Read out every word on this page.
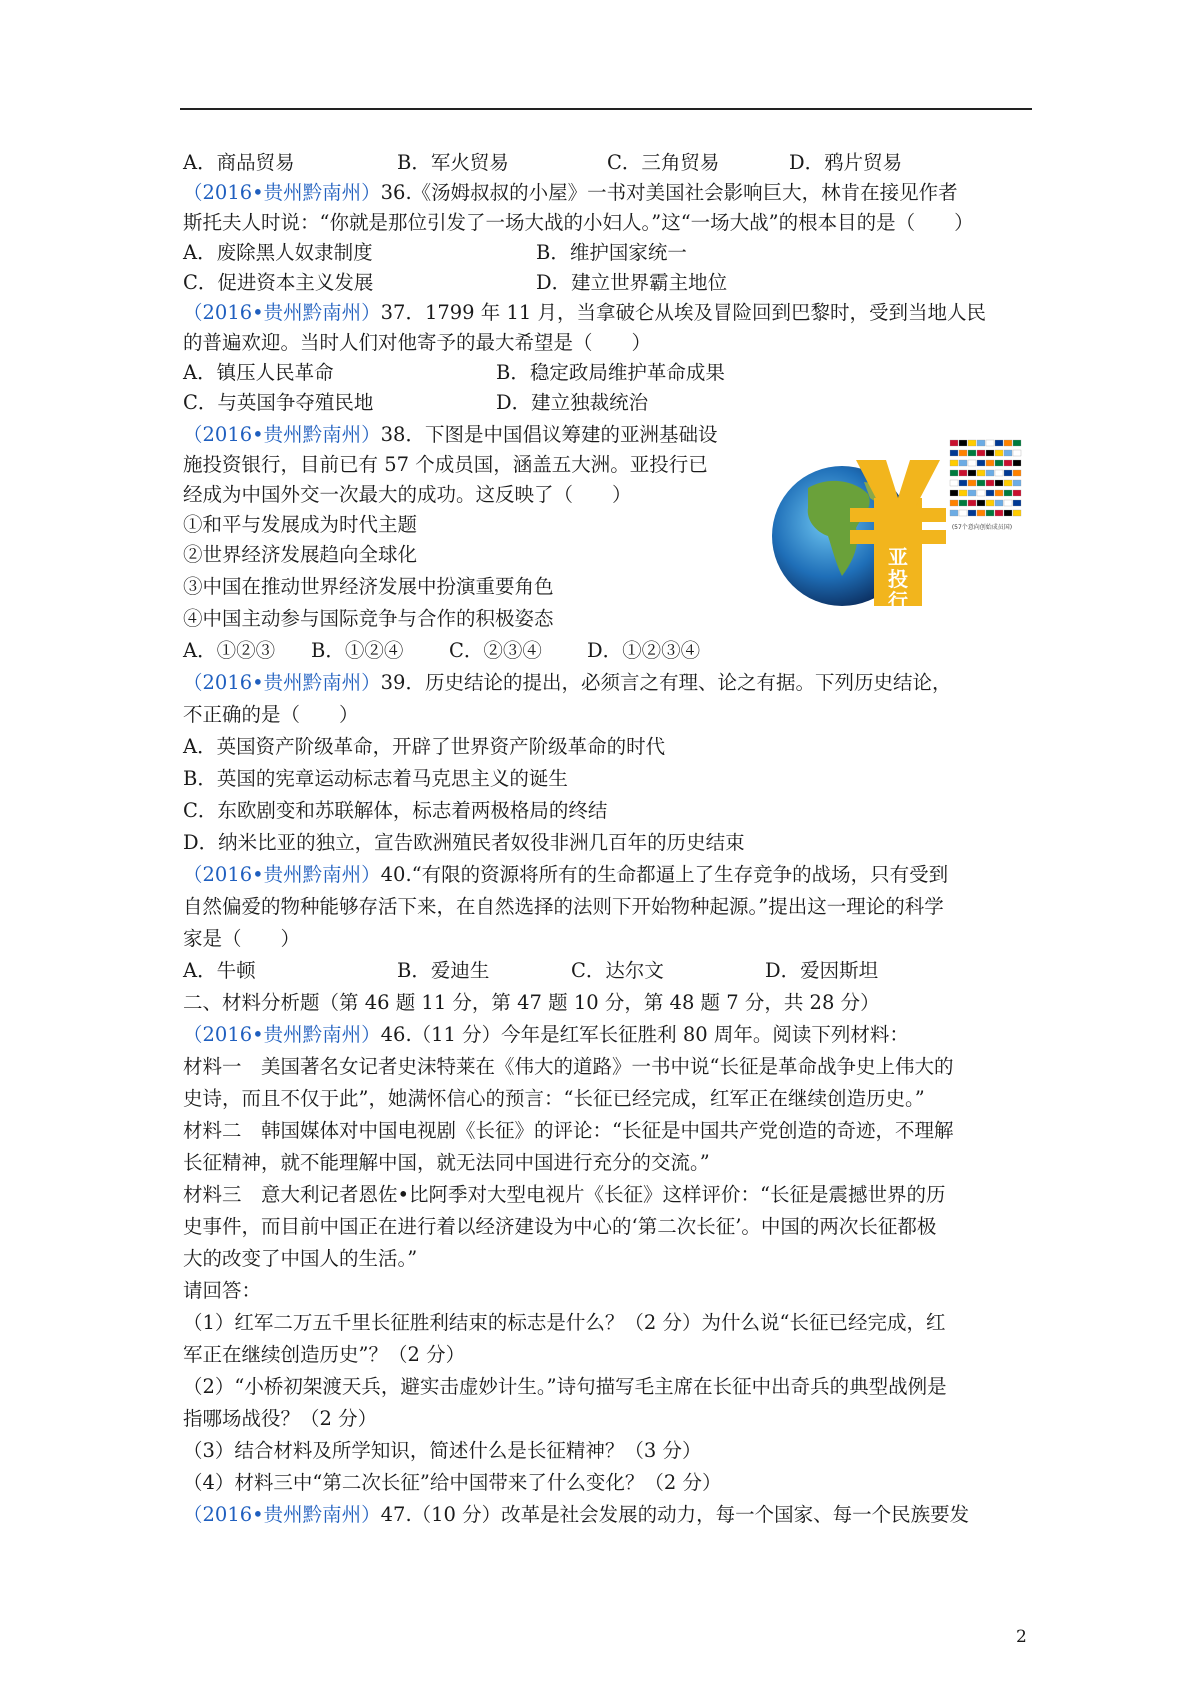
A．商品贸易	B．军火贸易	C．三角贸易	D．鸦片贸易
（2016•贵州黔南州）36.《汤姆叔叔的小屋》一书对美国社会影响巨大，林肯在接见作者
斯托夫人时说：“你就是那位引发了一场大战的小妇人。”这“一场大战”的根本目的是（　　）
A．废除黑人奴隶制度	B．维护国家统一
C．促进资本主义发展	D．建立世界霸主地位
（2016•贵州黔南州）37．1799 年 11 月，当拿破仑从埃及冒险回到巴黎时，受到当地人民
的普遍欢迎。当时人们对他寄予的最大希望是（　　）
A．镇压人民革命	B．稳定政局维护革命成果
C．与英国争夺殖民地	D．建立独裁统治
（2016•贵州黔南州）38．下图是中国倡议筹建的亚洲基础设
施投资银行，目前已有 57 个成员国，涵盖五大洲。亚投行已
经成为中国外交一次最大的成功。这反映了（　　）
①和平与发展成为时代主题
②世界经济发展趋向全球化
③中国在推动世界经济发展中扮演重要角色
④中国主动参与国际竞争与合作的积极姿态
A．①②③ B．①②④ C．②③④ D．①②③④
亚
投
行
(57个意向创始成员国)
（2016•贵州黔南州）39．历史结论的提出，必须言之有理、论之有据。下列历史结论，
不正确的是（　　）
A．英国资产阶级革命，开辟了世界资产阶级革命的时代
B．英国的宪章运动标志着马克思主义的诞生
C．东欧剧变和苏联解体，标志着两极格局的终结
D．纳米比亚的独立，宣告欧洲殖民者奴役非洲几百年的历史结束
（2016•贵州黔南州）40.“有限的资源将所有的生命都逼上了生存竞争的战场，只有受到
自然偏爱的物种能够存活下来，在自然选择的法则下开始物种起源。”提出这一理论的科学
家是（　　）
A．牛顿	B．爱迪生	C．达尔文	D．爱因斯坦
二、材料分析题（第 46 题 11 分，第 47 题 10 分，第 48 题 7 分，共 28 分）
（2016•贵州黔南州）46.（11 分）今年是红军长征胜利 80 周年。阅读下列材料：
材料一　美国著名女记者史沫特莱在《伟大的道路》一书中说“长征是革命战争史上伟大的
史诗，而且不仅于此”，她满怀信心的预言：“长征已经完成，红军正在继续创造历史。”
材料二　韩国媒体对中国电视剧《长征》的评论：“长征是中国共产党创造的奇迹，不理解
长征精神，就不能理解中国，就无法同中国进行充分的交流。”
材料三　意大利记者恩佐•比阿季对大型电视片《长征》这样评价：“长征是震撼世界的历
史事件，而目前中国正在进行着以经济建设为中心的‘第二次长征’。中国的两次长征都极
大的改变了中国人的生活。”
请回答：
（1）红军二万五千里长征胜利结束的标志是什么？（2 分）为什么说“长征已经完成，红
军正在继续创造历史”？（2 分）
（2）“小桥初架渡天兵，避实击虚妙计生。”诗句描写毛主席在长征中出奇兵的典型战例是
指哪场战役？（2 分）
（3）结合材料及所学知识，简述什么是长征精神？（3 分）
（4）材料三中“第二次长征”给中国带来了什么变化？（2 分）
（2016•贵州黔南州）47.（10 分）改革是社会发展的动力，每一个国家、每一个民族要发
2
